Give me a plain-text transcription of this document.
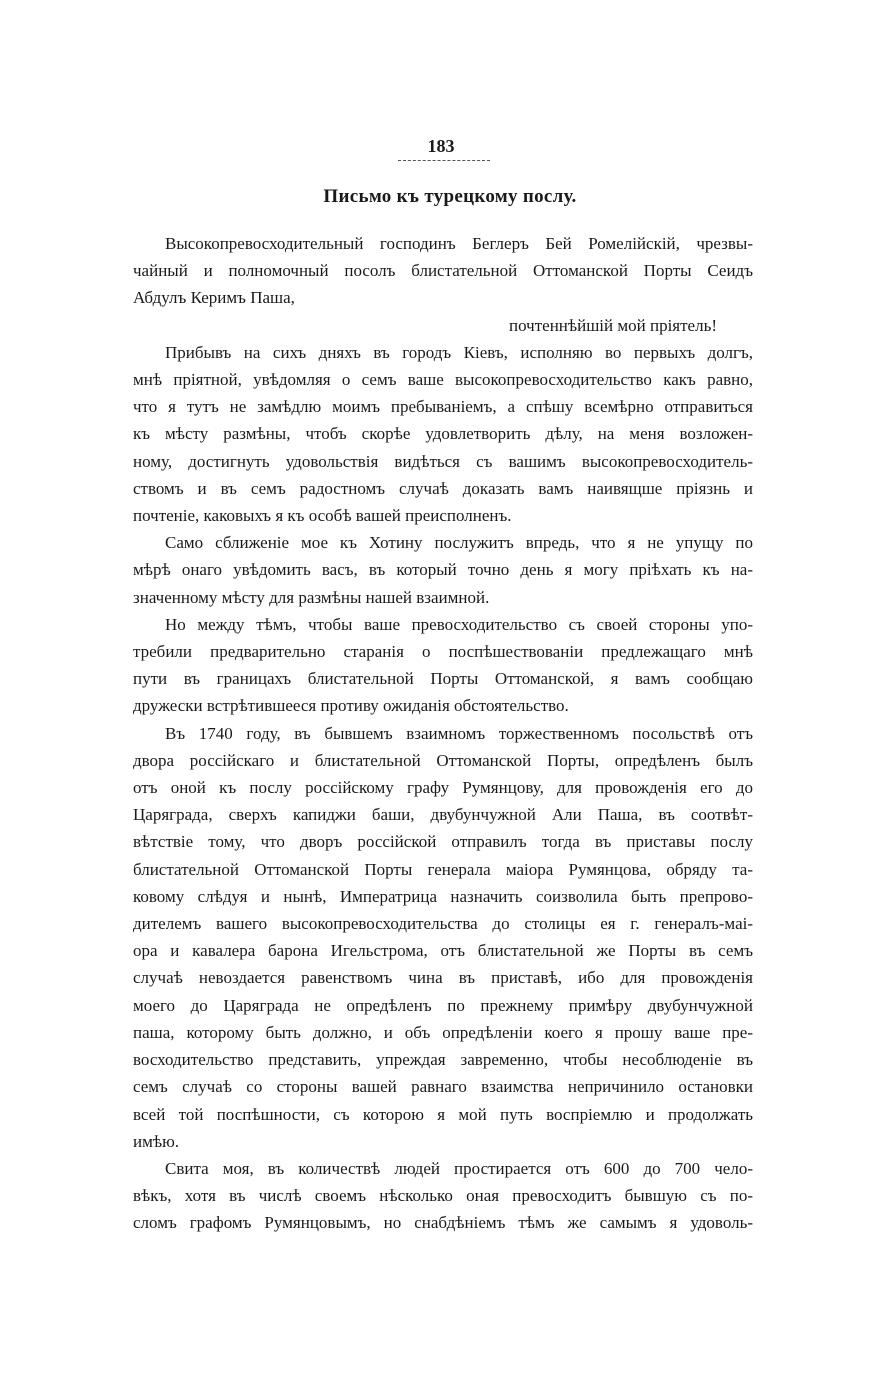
183
Письмо къ турецкому послу.
Высокопревосходительный господинъ Беглеръ Бей Ромелійскій, чрезвы-
чайный и полномочный посолъ блистательной Оттоманской Порты Сеидъ
Абдулъ Керимъ Паша,
почтеннѣйшій мой пріятель!
Прибывъ на сихъ дняхъ въ городъ Кіевъ, исполняю во первыхъ долгъ,
мнѣ пріятной, увѣдомляя о семъ ваше высокопревосходительство какъ равно,
что я тутъ не замѣдлю моимъ пребываніемъ, а спѣшу всемѣрно отправиться
къ мѣсту размѣны, чтобъ скорѣе удовлетворить дѣлу, на меня возложен-
ному, достигнуть удовольствія видѣться съ вашимъ высокопревосходитель-
ствомъ и въ семъ радостномъ случаѣ доказать вамъ наивящше пріязнь и
почтеніе, каковыхъ я къ особѣ вашей преисполненъ.
Само сближеніе мое къ Хотину послужитъ впредь, что я не упущу по
мѣрѣ онаго увѣдомить васъ, въ который точно день я могу пріѣхать къ на-
значенному мѣсту для размѣны нашей взаимной.
Но между тѣмъ, чтобы ваше превосходительство съ своей стороны упо-
требили предварительно старанія о поспѣшествованіи предлежащаго мнѣ
пути въ границахъ блистательной Порты Оттоманской, я вамъ сообщаю
дружески встрѣтившееся противу ожиданія обстоятельство.
Въ 1740 году, въ бывшемъ взаимномъ торжественномъ посольствѣ отъ
двора россійскаго и блистательной Оттоманской Порты, опредѣленъ былъ
отъ оной къ послу россійскому графу Румянцову, для провожденія его до
Царяграда, сверхъ капиджи баши, двубунчужной Али Паша, въ соотвѣт-
вѣтствіе тому, что дворъ россійской отправилъ тогда въ приставы послу
блистательной Оттоманской Порты генерала маіора Румянцова, обряду та-
ковому слѣдуя и нынѣ, Императрица назначить соизволила быть препрово-
дителемъ вашего высокопревосходительства до столицы ея г. генералъ-маі-
ора и кавалера барона Игельстрома, отъ блистательной же Порты въ семъ
случаѣ невоздается равенствомъ чина въ приставѣ, ибо для провожденія
моего до Царяграда не опредѣленъ по прежнему примѣру двубунчужной
паша, которому быть должно, и объ опредѣленіи коего я прошу ваше пре-
восходительство представить, упреждая завременно, чтобы несоблюденіе въ
семъ случаѣ со стороны вашей равнаго взаимства непричинило остановки
всей той поспѣшности, съ которою я мой путь воспріемлю и продолжать
имѣю.
Свита моя, въ количествѣ людей простирается отъ 600 до 700 чело-
вѣкъ, хотя въ числѣ своемъ нѣсколько оная превосходитъ бывшую съ по-
сломъ графомъ Румянцовымъ, но снабдѣніемъ тѣмъ же самымъ я удоволь-
